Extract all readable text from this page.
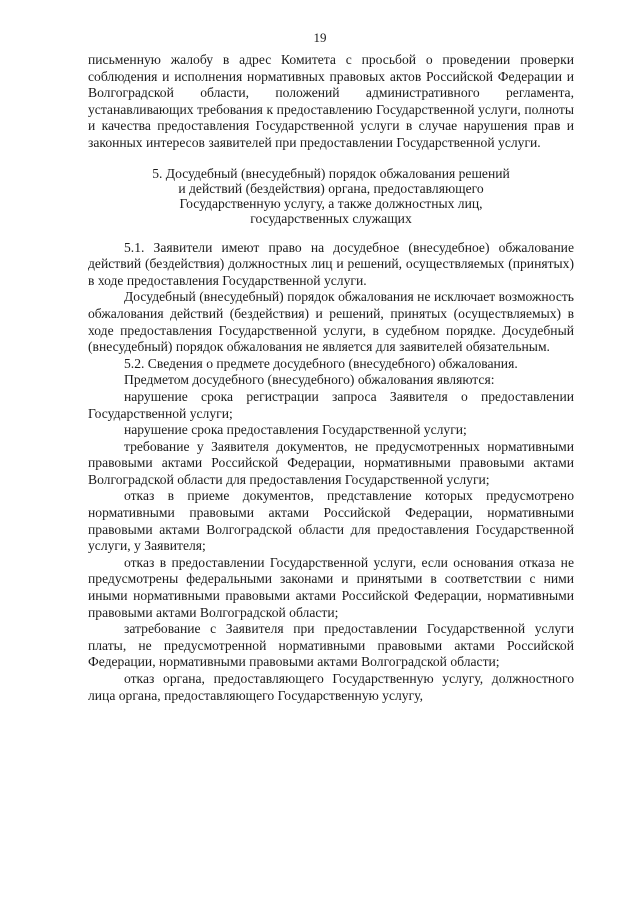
19

письменную жалобу в адрес Комитета с просьбой о проведении проверки соблюдения и исполнения нормативных правовых актов Российской Федерации и Волгоградской области, положений административного регламента, устанавливающих требования к предоставлению Государственной услуги, полноты и качества предоставления Государственной услуги в случае нарушения прав и законных интересов заявителей при предоставлении Государственной услуги.

5. Досудебный (внесудебный) порядок обжалования решений
и действий (бездействия) органа, предоставляющего
Государственную услугу, а также должностных лиц,
государственных служащих

5.1. Заявители имеют право на досудебное (внесудебное) обжалование действий (бездействия) должностных лиц и решений, осуществляемых (принятых) в ходе предоставления Государственной услуги.

Досудебный (внесудебный) порядок обжалования не исключает возможность обжалования действий (бездействия) и решений, принятых (осуществляемых) в ходе предоставления Государственной услуги, в судебном порядке. Досудебный (внесудебный) порядок обжалования не является для заявителей обязательным.

5.2. Сведения о предмете досудебного (внесудебного) обжалования.

Предметом досудебного (внесудебного) обжалования являются:

нарушение срока регистрации запроса Заявителя о предоставлении Государственной услуги;

нарушение срока предоставления Государственной услуги;

требование у Заявителя документов, не предусмотренных нормативными правовыми актами Российской Федерации, нормативными правовыми актами Волгоградской области для предоставления Государственной услуги;

отказ в приеме документов, представление которых предусмотрено нормативными правовыми актами Российской Федерации, нормативными правовыми актами Волгоградской области для предоставления Государственной услуги, у Заявителя;

отказ в предоставлении Государственной услуги, если основания отказа не предусмотрены федеральными законами и принятыми в соответствии с ними иными нормативными правовыми актами Российской Федерации, нормативными правовыми актами Волгоградской области;

затребование с Заявителя при предоставлении Государственной услуги платы, не предусмотренной нормативными правовыми актами Российской Федерации, нормативными правовыми актами Волгоградской области;

отказ органа, предоставляющего Государственную услугу, должностного лица органа, предоставляющего Государственную услугу,
